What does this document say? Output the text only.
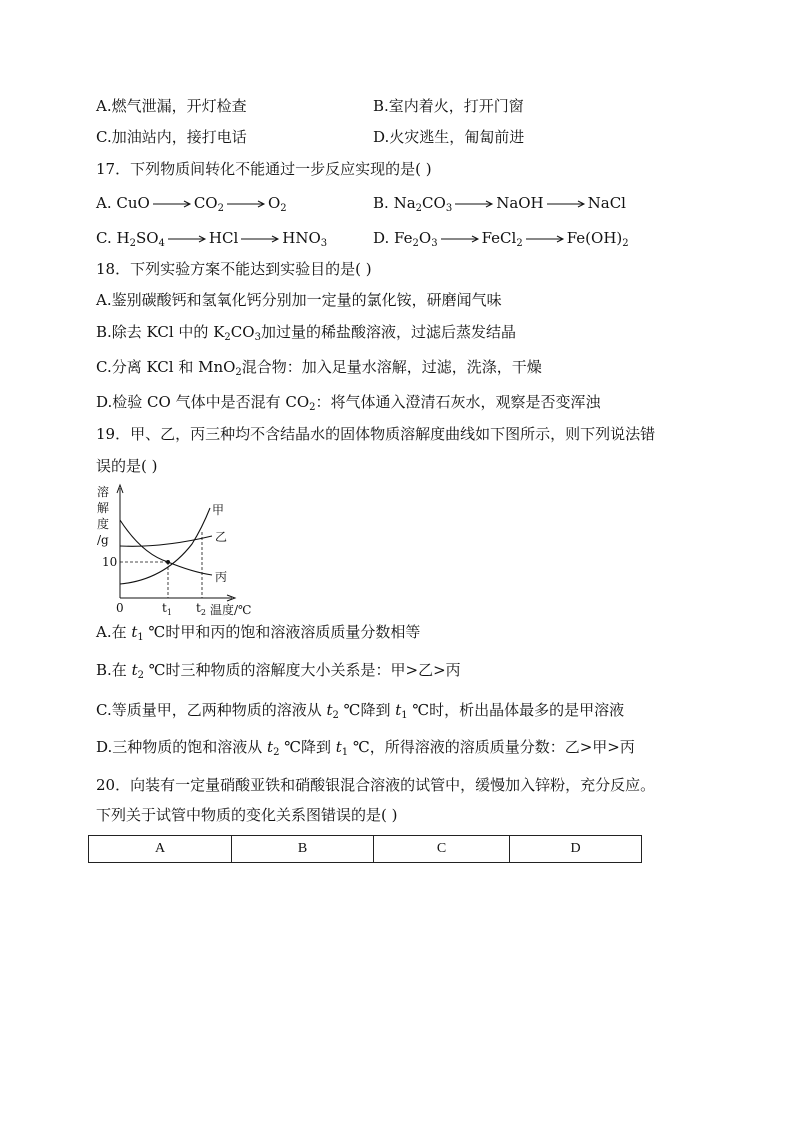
A.燃气泄漏，开灯检查	B.室内着火，打开门窗
C.加油站内，接打电话	D.火灾逃生，匍匐前进
17．下列物质间转化不能通过一步反应实现的是( )
A. CuO → $CO_2 \to O_2$	B. $Na_2CO_3$ → NaOH → NaCl
C. $H_2SO_4$ → HCl → $HNO_3$	D. $Fe_2O_3$ → FeCl$_2$ → $Fe(OH)_2$
18．下列实验方案不能达到实验目的是( )
A.鉴别碳酸钙和氢氧化钙分别加一定量的氯化铵，研磨闻气味
B.除去 KCl 中的 $K_2CO_3$加过量的稀盐酸溶液，过滤后蒸发结晶
C.分离 KCl 和 MnO$_2$混合物：加入足量水溶解，过滤，洗涤，干燥
D.检验 CO 气体中是否混有 $CO_2$：将气体通入澄清石灰水，观察是否变浑浊
19．甲、乙，丙三种均不含结晶水的固体物质溶解度曲线如下图所示，则下列说法错
误的是( )
溶
解
度
/g
10
0	$t_1$ $t_2$ 温度/℃
甲
乙
丙
A.在 $t_1$ ℃时甲和丙的饱和溶液溶质质量分数相等
B.在 $t_2$ ℃时三种物质的溶解度大小关系是：甲>乙>丙
C.等质量甲，乙两种物质的溶液从 $t_2$ ℃降到 $t_1$ ℃时，析出晶体最多的是甲溶液
D.三种物质的饱和溶液从 $t_2$ ℃降到 $t_1$ ℃，所得溶液的溶质质量分数：乙>甲>丙
20．向装有一定量硝酸亚铁和硝酸银混合溶液的试管中，缓慢加入锌粉，充分反应。
下列关于试管中物质的变化关系图错误的是( )
A	B	C	D
